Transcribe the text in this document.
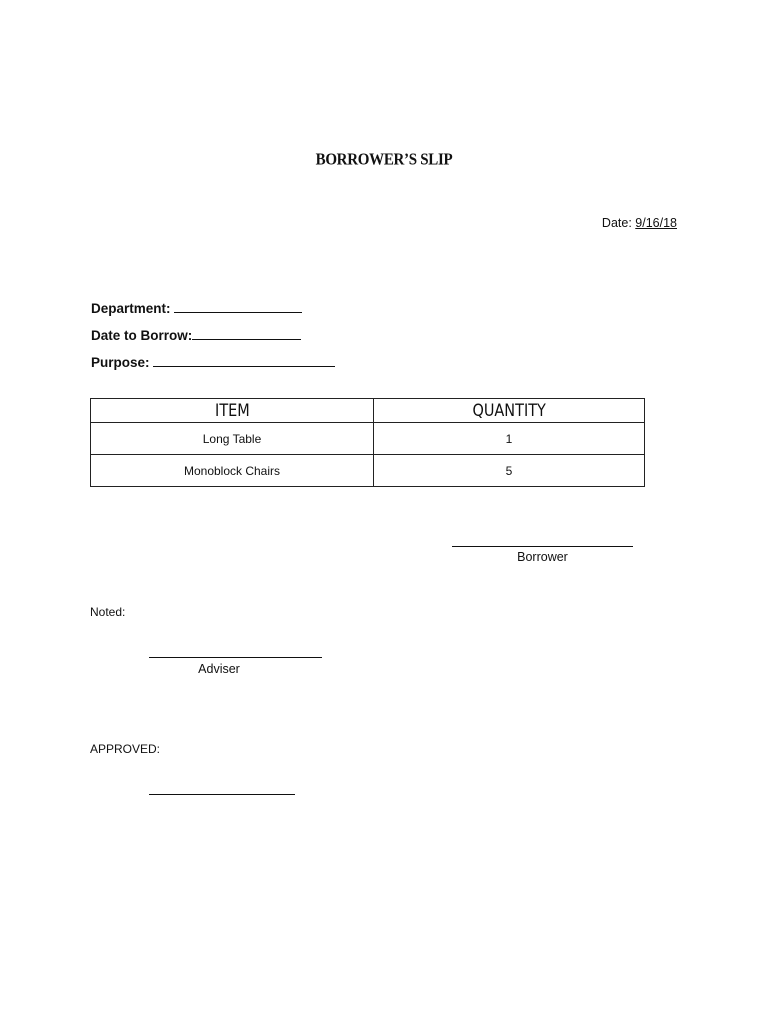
BORROWER’S SLIP
Date: 9/16/18
Department:
Date to Borrow:
Purpose:
ITEM	QUANTITY
Long Table	1
Monoblock Chairs	5
Borrower
Noted:
Adviser
APPROVED:
